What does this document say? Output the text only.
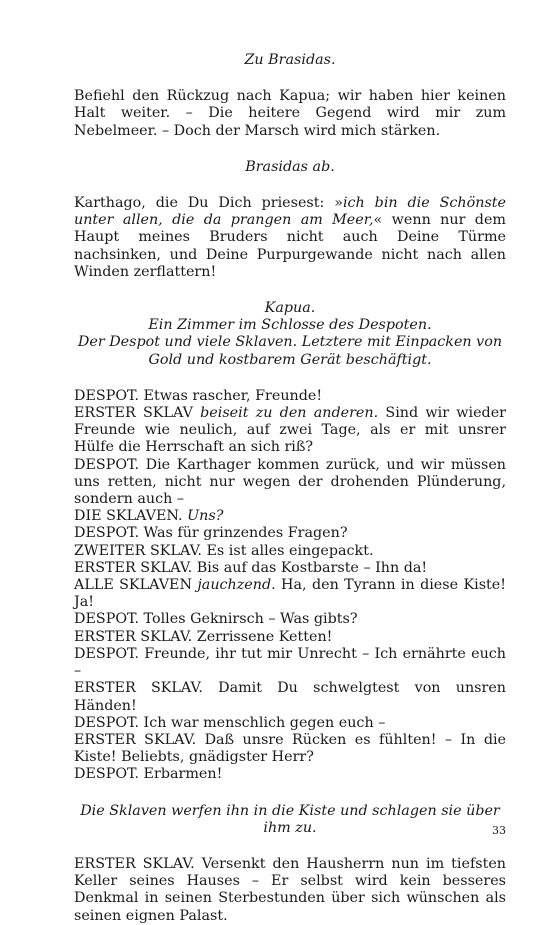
Zu Brasidas.

Befiehl den Rückzug nach Kapua; wir haben hier keinen Halt weiter. – Die heitere Gegend wird mir zum Nebelmeer. – Doch der Marsch wird mich stärken.

Brasidas ab.

Karthago, die Du Dich priesest: »ich bin die Schönste unter allen, die da prangen am Meer,« wenn nur dem Haupt meines Bruders nicht auch Deine Türme nachsinken, und Deine Purpurgewande nicht nach allen Winden zerflattern!

Kapua.

Ein Zimmer im Schlosse des Despoten.

Der Despot und viele Sklaven. Letztere mit Einpacken von Gold und kostbarem Gerät beschäftigt.

DESPOT. Etwas rascher, Freunde!

ERSTER SKLAV beiseit zu den anderen. Sind wir wieder Freunde wie neulich, auf zwei Tage, als er mit unsrer Hülfe die Herrschaft an sich riß?

DESPOT. Die Karthager kommen zurück, und wir müssen uns retten, nicht nur wegen der drohenden Plünderung, sondern auch –

DIE SKLAVEN. Uns?

DESPOT. Was für grinzendes Fragen?

ZWEITER SKLAV. Es ist alles eingepackt.

ERSTER SKLAV. Bis auf das Kostbarste – Ihn da!

ALLE SKLAVEN jauchzend. Ha, den Tyrann in diese Kiste! Ja!

DESPOT. Tolles Geknirsch – Was gibts?

ERSTER SKLAV. Zerrissene Ketten!

DESPOT. Freunde, ihr tut mir Unrecht – Ich ernährte euch –

ERSTER SKLAV. Damit Du schwelgtest von unsren Händen!

DESPOT. Ich war menschlich gegen euch –

ERSTER SKLAV. Daß unsre Rücken es fühlten! – In die Kiste! Beliebts, gnädigster Herr?

DESPOT. Erbarmen!

Die Sklaven werfen ihn in die Kiste und schlagen sie über ihm zu.

ERSTER SKLAV. Versenkt den Hausherrn nun im tiefsten Keller seines Hauses – Er selbst wird kein besseres Denkmal in seinen Sterbestunden über sich wünschen als seinen eignen Palast.

33
